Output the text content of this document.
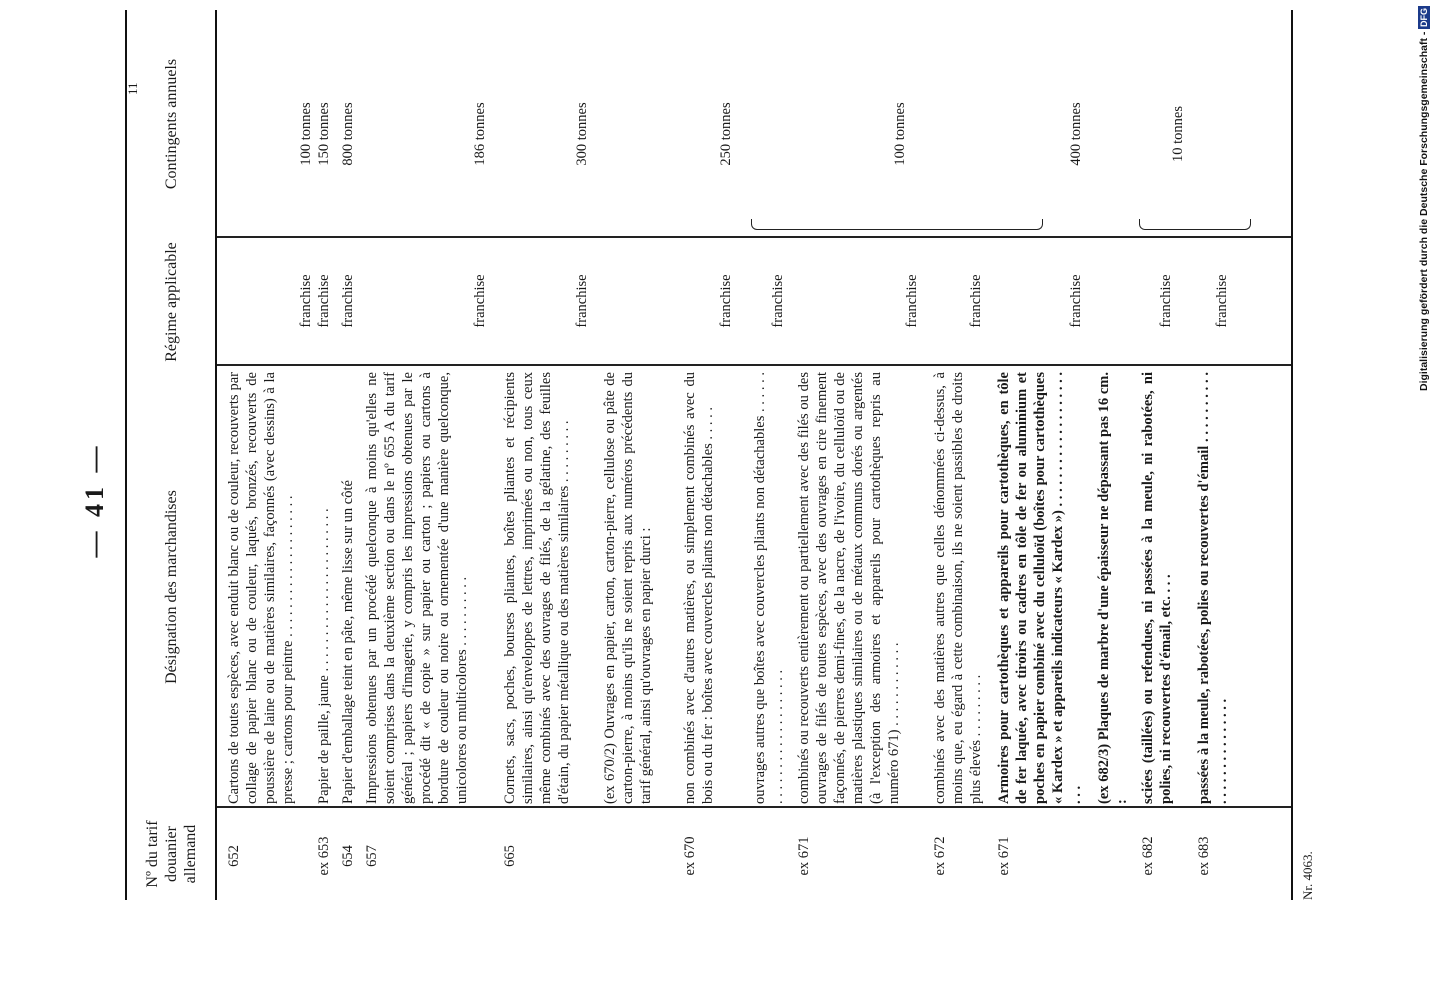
— 41 —
Nº du tarif douanier allemand
Désignation des marchandises
Régime applicable
Contingents annuels
652
Cartons de toutes espèces, avec enduit blanc ou de couleur, recouverts par collage de papier blanc ou de couleur, laqués, bronzés, recouverts de poussière de laine ou de matières similaires, façonnés (avec dessins) à la presse ; cartons pour peintre . . . . . . . . . . . . . . . . . . . .
franchise
100 tonnes
ex 653
Papier de paille, jaune . . . . . . . . . . . . . . . . . . . . . . .
franchise
150 tonnes
654
Papier d'emballage teint en pâte, même lisse sur un côté
franchise
800 tonnes
657
Impressions obtenues par un procédé quelconque à moins qu'elles ne soient comprises dans la deuxième section ou dans le nº 655 A du tarif général ; papiers d'imagerie, y compris les impressions obtenues par le procédé dit « de copie » sur papier ou carton ; papiers ou cartons à bordure de couleur ou noire ou ornementée d'une manière quelconque, unicolores ou multicolores . . . . . . . . . .
franchise
186 tonnes
665
Cornets, sacs, poches, bourses pliantes, boîtes pliantes et récipients similaires, ainsi qu'enveloppes de lettres, imprimées ou non, tous ceux même combinés avec des ouvrages de filés, de la gélatine, des feuilles d'étain, du papier métallique ou des matières similaires . . . . . . . . .
franchise
300 tonnes
(ex 670/2) Ouvrages en papier, carton, carton-pierre, cellulose ou pâte de carton-pierre, à moins qu'ils ne soient repris aux numéros précédents du tarif général, ainsi qu'ouvrages en papier durci :
ex 670
non combinés avec d'autres matières, ou simplement combinés avec du bois ou du fer : boîtes avec couvercles pliants non détachables . . . . .
franchise
250 tonnes
ouvrages autres que boîtes avec couvercles pliants non détachables . . . . . . . . . . . . . . . . . . . . . . . . .
franchise
ex 671
combinés ou recouverts entièrement ou partiellement avec des filés ou des ouvrages de filés de toutes espèces, avec des ouvrages en cire finement façonnés, de pierres demi-fines, de la nacre, de l'ivoire, du celluloïd ou de matières plastiques similaires ou de métaux communs dorés ou argentés (à l'exception des armoires et appareils pour cartothèques repris au numéro 671) . . . . . . . . . . . .
franchise
100 tonnes
ex 672
combinés avec des matières autres que celles dénommées ci-dessus, à moins que, eu égard à cette combinaison, ils ne soient passibles de droits plus élevés . . . . . . . . .
franchise
ex 671
Armoires pour cartothèques et appareils pour cartothèques, en tôle de fer laquée, avec tiroirs ou cadres en tôle de fer ou aluminium et poches en papier combiné avec du celluloïd (boîtes pour cartothèques « Kardex » et appareils indicateurs « Kardex ») . . . . . . . . . . . . . . . . . . . . . .
franchise
400 tonnes
(ex 682/3) Plaques de marbre d'une épaisseur ne dépassant pas 16 cm. :
ex 682
sciées (taillées) ou refendues, ni passées à la meule, ni rabotées, ni polies, ni recouvertes d'émail, etc. . . .
franchise
10 tonnes
ex 683
passées à la meule, rabotées, polies ou recouvertes d'émail . . . . . . . . . . . . . . . . . . . . . . . . .
franchise
Nr. 4063.
11	Digitalisierung gefördert durch die Deutsche Forschungsgemeinschaft -
DFG
